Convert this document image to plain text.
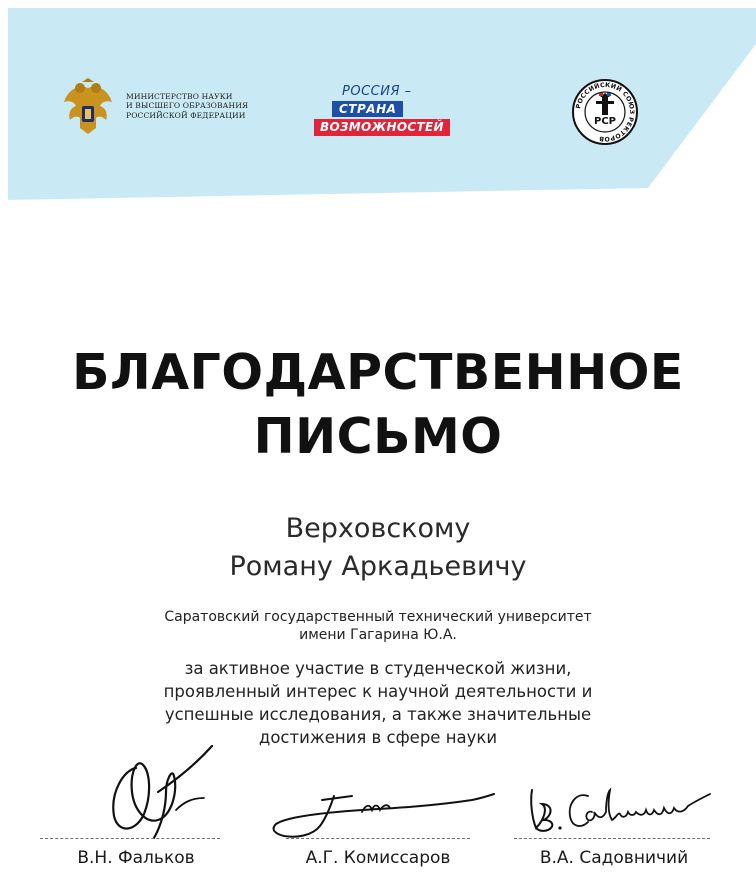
МИНИСТЕРСТВО НАУКИ
И ВЫСШЕГО ОБРАЗОВАНИЯ
РОССИЙСКОЙ ФЕДЕРАЦИИ
РОССИЯ –
СТРАНА
ВОЗМОЖНОСТЕЙ
РОССИЙСКИЙ СОЮЗ РЕКТОРОВ
РСР
БЛАГОДАРСТВЕННОЕ
ПИСЬМО
Верховскому
Роману Аркадьевичу
Саратовский государственный технический университет
имени Гагарина Ю.А.
за активное участие в студенческой жизни,
проявленный интерес к научной деятельности и
успешные исследования, а также значительные
достижения в сфере науки
В.Н. Фальков	А.Г. Комиссаров	В.А. Садовничий
